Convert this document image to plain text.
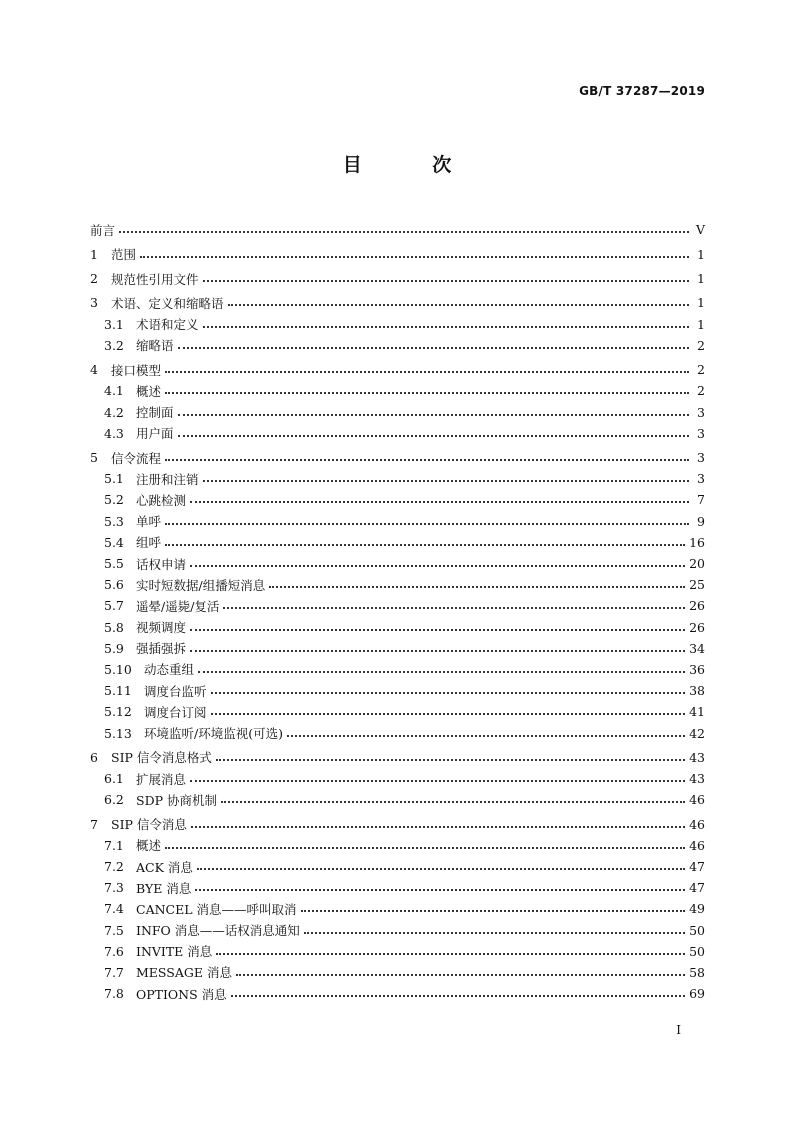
GB/T 37287—2019
目 次
前言	V
1	范围	1
2	规范性引用文件	1
3	术语、定义和缩略语	1
3.1 术语和定义	1
3.2 缩略语	2
4	接口模型	2
4.1 概述	2
4.2 控制面	3
4.3 用户面	3
5	信令流程	3
5.1 注册和注销	3
5.2 心跳检测	7
5.3 单呼	9
5.4 组呼	16
5.5 话权申请	20
5.6 实时短数据/组播短消息	25
5.7 遥晕/遥毙/复活	26
5.8 视频调度	26
5.9 强插强拆	34
5.10 动态重组	36
5.11 调度台监听	38
5.12 调度台订阅	41
5.13 环境监听/环境监视(可选)	42
6	SIP 信令消息格式	43
6.1 扩展消息	43
6.2 SDP 协商机制	46
7	SIP 信令消息	46
7.1 概述	46
7.2 ACK 消息	47
7.3 BYE 消息	47
7.4 CANCEL 消息——呼叫取消	49
7.5 INFO 消息——话权消息通知	50
7.6 INVITE 消息	50
7.7 MESSAGE 消息	58
7.8 OPTIONS 消息	69
I
